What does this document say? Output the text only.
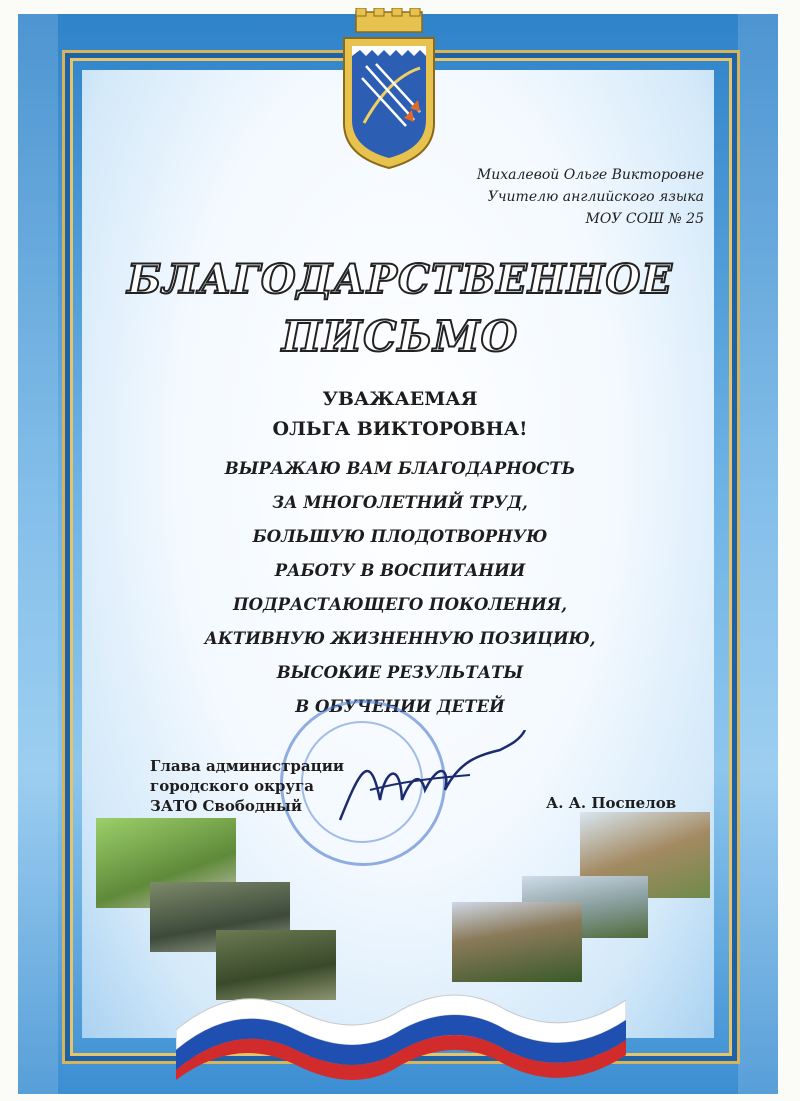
Михалевой Ольге Викторовне
Учителю английского языка
МОУ СОШ № 25
БЛАГОДАРСТВЕННОЕ
ПИСЬМО
УВАЖАЕМАЯ
ОЛЬГА ВИКТОРОВНА!
ВЫРАЖАЮ ВАМ БЛАГОДАРНОСТЬ
ЗА МНОГОЛЕТНИЙ ТРУД,
БОЛЬШУЮ ПЛОДОТВОРНУЮ
РАБОТУ В ВОСПИТАНИИ
ПОДРАСТАЮЩЕГО ПОКОЛЕНИЯ,
АКТИВНУЮ ЖИЗНЕННУЮ ПОЗИЦИЮ,
ВЫСОКИЕ РЕЗУЛЬТАТЫ
В ОБУЧЕНИИ ДЕТЕЙ
Глава администрации
городского округа
ЗАТО Свободный	А. А. Поспелов
